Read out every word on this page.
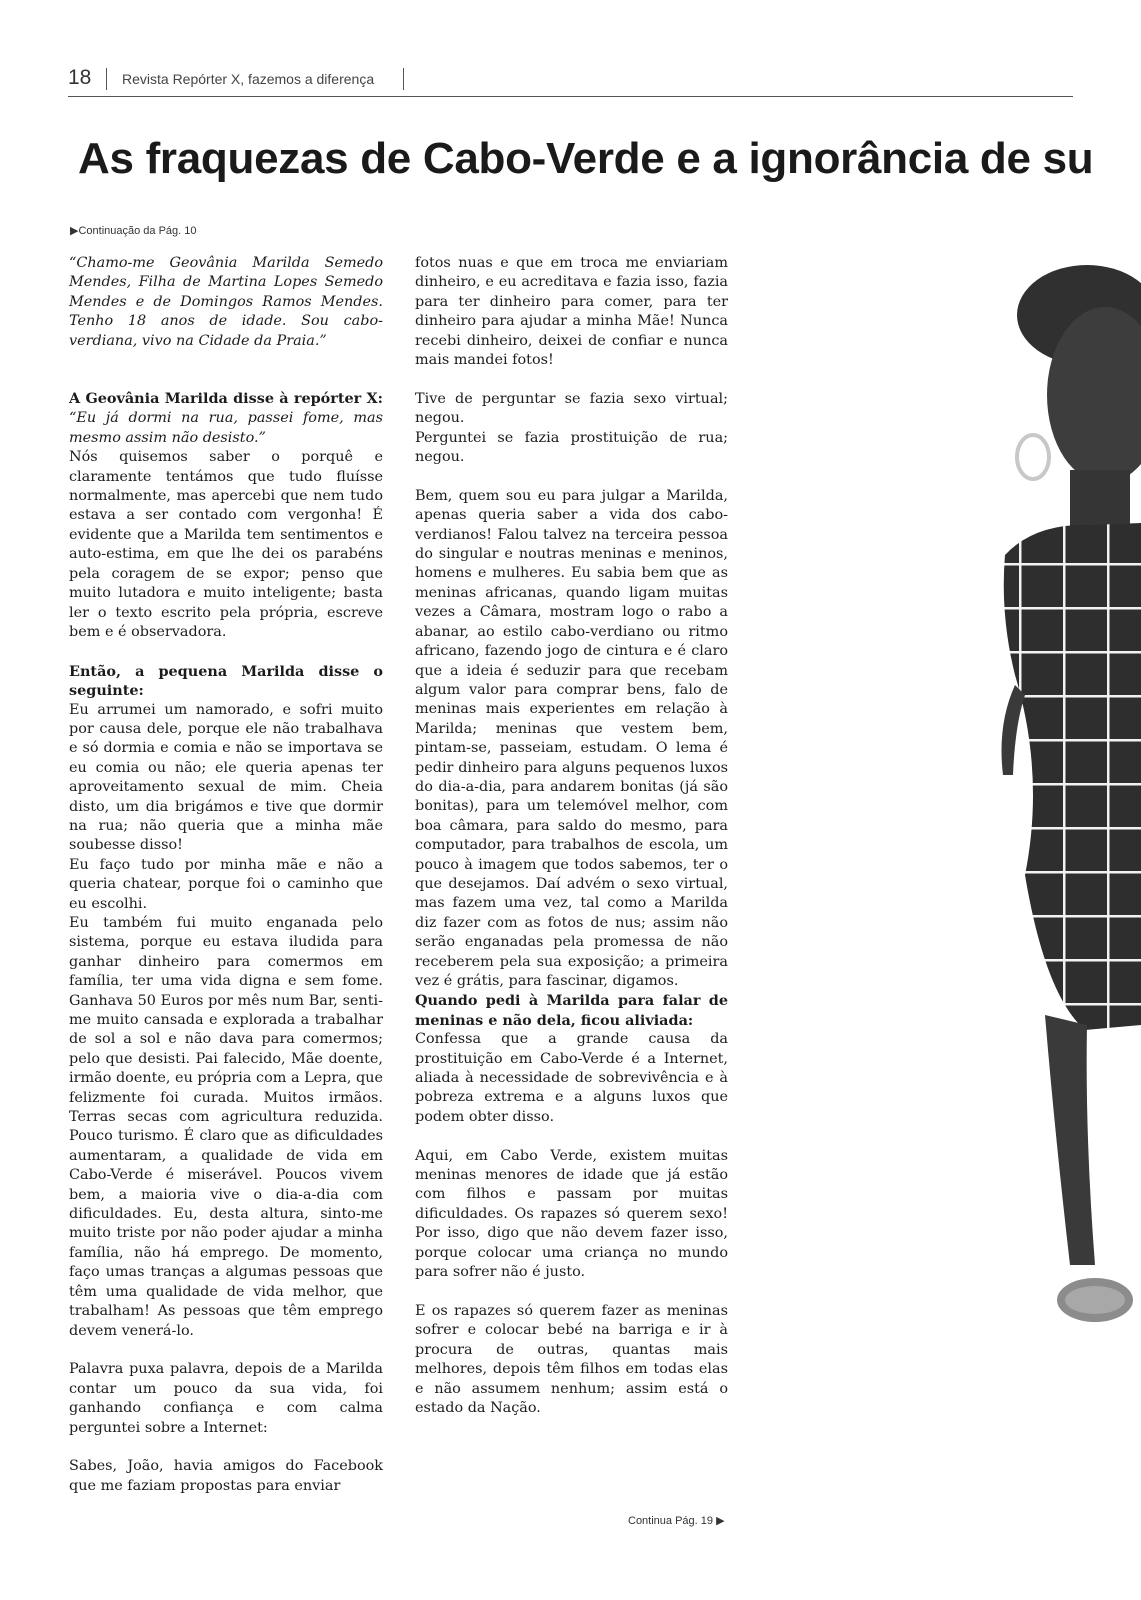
18 Revista Repórter X, fazemos a diferença
As fraquezas de Cabo-Verde e a ignorância de su
▶Continuação da Pág. 10

“Chamo-me Geovânia Marilda Semedo Mendes, Filha de Martina Lopes Semedo Mendes e de Domingos Ramos Mendes. Tenho 18 anos de idade. Sou cabo-verdiana, vivo na Cidade da Praia.”

A Geovânia Marilda disse à repórter X: “Eu já dormi na rua, passei fome, mas mesmo assim não desisto.”

Nós quisemos saber o porquê e claramente tentámos que tudo fluísse normalmente, mas apercebi que nem tudo estava a ser contado com vergonha! É evidente que a Marilda tem sentimentos e auto-estima, em que lhe dei os parabéns pela coragem de se expor; penso que muito lutadora e muito inteligente; basta ler o texto escrito pela própria, escreve bem e é observadora.

Então, a pequena Marilda disse o seguinte:

Eu arrumei um namorado, e sofri muito por causa dele, porque ele não trabalhava e só dormia e comia e não se importava se eu comia ou não; ele queria apenas ter aproveitamento sexual de mim. Cheia disto, um dia brigámos e tive que dormir na rua; não queria que a minha mãe soubesse disso!

Eu faço tudo por minha mãe e não a queria chatear, porque foi o caminho que eu escolhi.

Eu também fui muito enganada pelo sistema, porque eu estava iludida para ganhar dinheiro para comermos em família, ter uma vida digna e sem fome. Ganhava 50 Euros por mês num Bar, senti-me muito cansada e explorada a trabalhar de sol a sol e não dava para comermos; pelo que desisti. Pai falecido, Mãe doente, irmão doente, eu própria com a Lepra, que felizmente foi curada. Muitos irmãos. Terras secas com agricultura reduzida. Pouco turismo. É claro que as dificuldades aumentaram, a qualidade de vida em Cabo-Verde é miserável. Poucos vivem bem, a maioria vive o dia-a-dia com dificuldades. Eu, desta altura, sinto-me muito triste por não poder ajudar a minha família, não há emprego. De momento, faço umas tranças a algumas pessoas que têm uma qualidade de vida melhor, que trabalham! As pessoas que têm emprego devem venerá-lo.

Palavra puxa palavra, depois de a Marilda contar um pouco da sua vida, foi ganhando confiança e com calma perguntei sobre a Internet:

Sabes, João, havia amigos do Facebook que me faziam propostas para enviar

fotos nuas e que em troca me enviariam dinheiro, e eu acreditava e fazia isso, fazia para ter dinheiro para comer, para ter dinheiro para ajudar a minha Mãe! Nunca recebi dinheiro, deixei de confiar e nunca mais mandei fotos!

Tive de perguntar se fazia sexo virtual; negou.

Perguntei se fazia prostituição de rua; negou.

Bem, quem sou eu para julgar a Marilda, apenas queria saber a vida dos cabo-verdianos! Falou talvez na terceira pessoa do singular e noutras meninas e meninos, homens e mulheres. Eu sabia bem que as meninas africanas, quando ligam muitas vezes a Câmara, mostram logo o rabo a abanar, ao estilo cabo-verdiano ou ritmo africano, fazendo jogo de cintura e é claro que a ideia é seduzir para que recebam algum valor para comprar bens, falo de meninas mais experientes em relação à Marilda; meninas que vestem bem, pintam-se, passeiam, estudam. O lema é pedir dinheiro para alguns pequenos luxos do dia-a-dia, para andarem bonitas (já são bonitas), para um telemóvel melhor, com boa câmara, para saldo do mesmo, para computador, para trabalhos de escola, um pouco à imagem que todos sabemos, ter o que desejamos. Daí advém o sexo virtual, mas fazem uma vez, tal como a Marilda diz fazer com as fotos de nus; assim não serão enganadas pela promessa de não receberem pela sua exposição; a primeira vez é grátis, para fascinar, digamos.

Quando pedi à Marilda para falar de meninas e não dela, ficou aliviada:

Confessa que a grande causa da prostituição em Cabo-Verde é a Internet, aliada à necessidade de sobrevivência e à pobreza extrema e a alguns luxos que podem obter disso.

Aqui, em Cabo Verde, existem muitas meninas menores de idade que já estão com filhos e passam por muitas dificuldades. Os rapazes só querem sexo! Por isso, digo que não devem fazer isso, porque colocar uma criança no mundo para sofrer não é justo.

E os rapazes só querem fazer as meninas sofrer e colocar bebé na barriga e ir à procura de outras, quantas mais melhores, depois têm filhos em todas elas e não assumem nenhum; assim está o estado da Nação.

Continua Pág. 19 ▶
